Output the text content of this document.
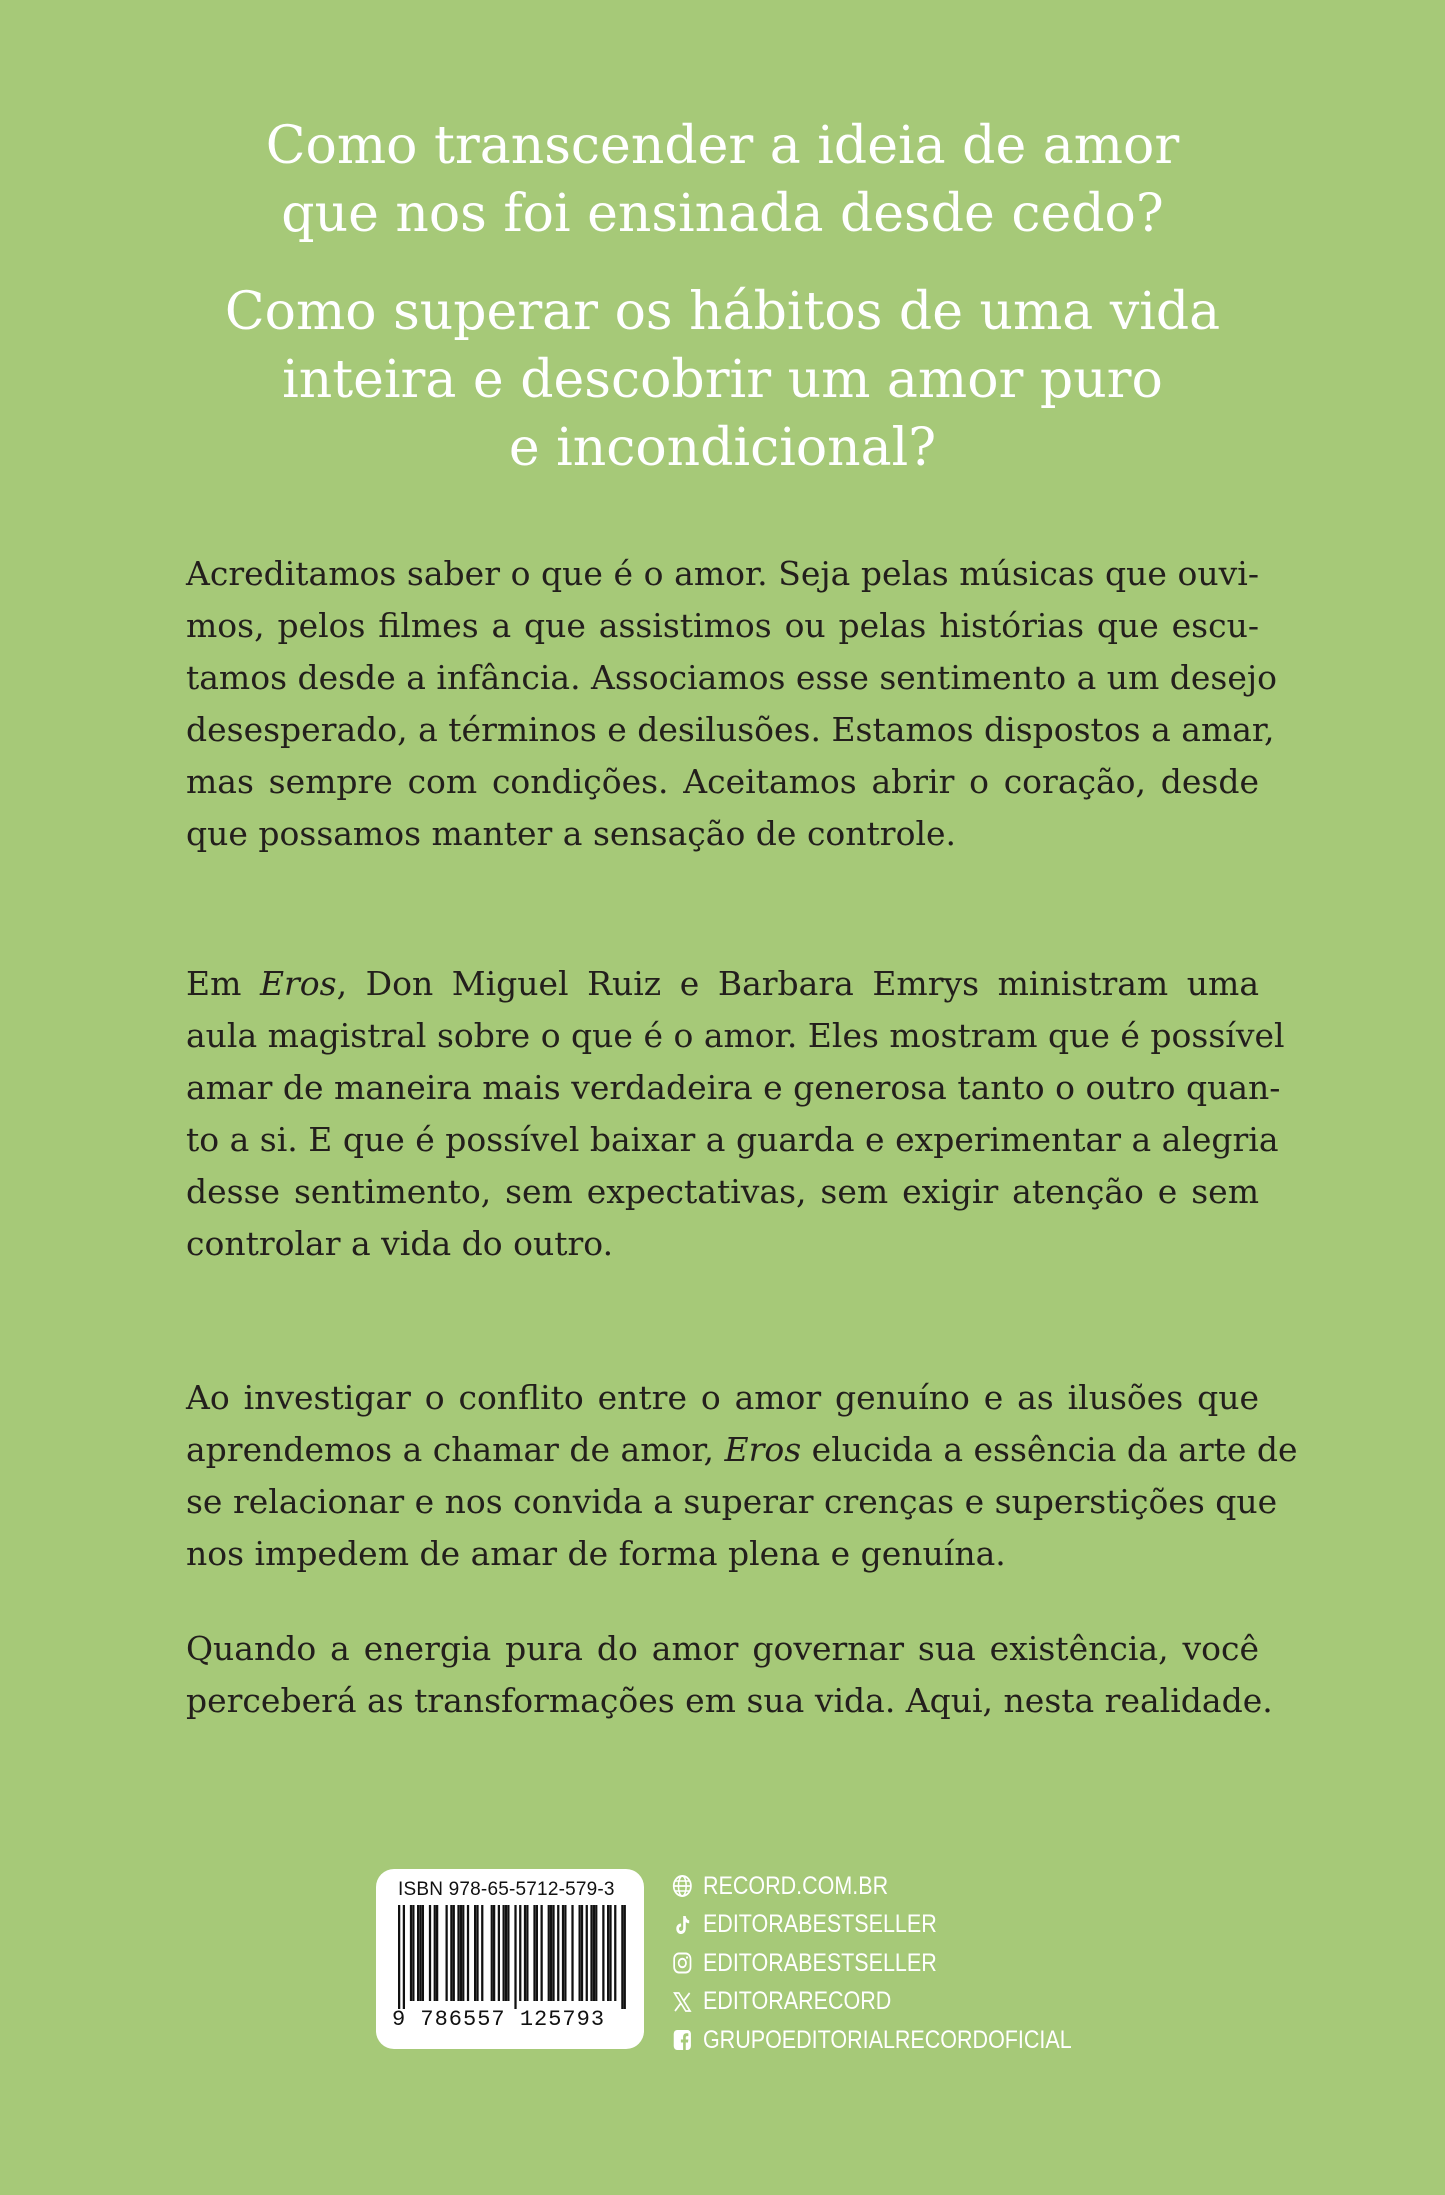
Como transcender a ideia de amor
que nos foi ensinada desde cedo?
Como superar os hábitos de uma vida
inteira e descobrir um amor puro
e incondicional?
Acreditamos saber o que é o amor. Seja pelas músicas que ouvi-
mos, pelos filmes a que assistimos ou pelas histórias que escu-
tamos desde a infância. Associamos esse sentimento a um desejo
desesperado, a términos e desilusões. Estamos dispostos a amar,
mas sempre com condições. Aceitamos abrir o coração, desde
que possamos manter a sensação de controle.
Em Eros, Don Miguel Ruiz e Barbara Emrys ministram uma
aula magistral sobre o que é o amor. Eles mostram que é possível
amar de maneira mais verdadeira e generosa tanto o outro quan-
to a si. E que é possível baixar a guarda e experimentar a alegria
desse sentimento, sem expectativas, sem exigir atenção e sem
controlar a vida do outro.
Ao investigar o conflito entre o amor genuíno e as ilusões que
aprendemos a chamar de amor, Eros elucida a essência da arte de
se relacionar e nos convida a superar crenças e superstições que
nos impedem de amar de forma plena e genuína.
Quando a energia pura do amor governar sua existência, você
perceberá as transformações em sua vida. Aqui, nesta realidade.
ISBN 978-65-5712-579-3
9 786557 125793
RECORD.COM.BR
EDITORABESTSELLER
EDITORABESTSELLER
EDITORARECORD
GRUPOEDITORIALRECORDOFICIAL
